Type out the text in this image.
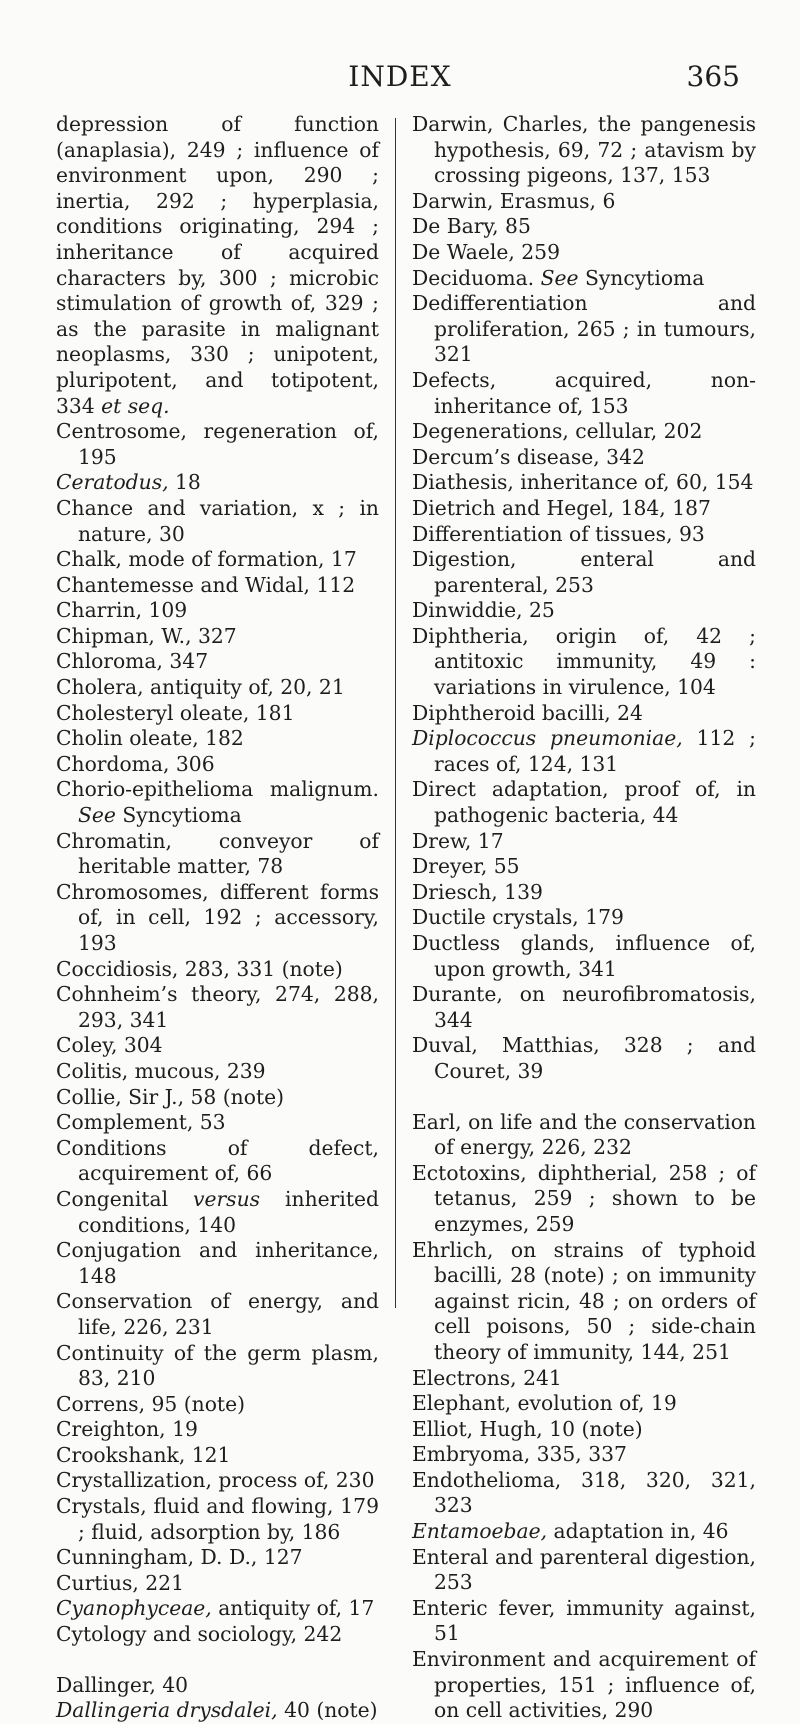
INDEX	365

depression of function (anaplasia), 249 ; influence of environment upon, 290 ; inertia, 292 ; hyperplasia, conditions originating, 294 ; inheritance of acquired characters by, 300 ; microbic stimulation of growth of, 329 ; as the parasite in malignant neoplasms, 330 ; unipotent, pluripotent, and totipotent, 334 et seq.

Centrosome, regeneration of, 195

Ceratodus, 18

Chance and variation, x ; in nature, 30

Chalk, mode of formation, 17

Chantemesse and Widal, 112

Charrin, 109

Chipman, W., 327

Chloroma, 347

Cholera, antiquity of, 20, 21

Cholesteryl oleate, 181

Cholin oleate, 182

Chordoma, 306

Chorio-epithelioma malignum. See Syncytioma

Chromatin, conveyor of heritable matter, 78

Chromosomes, different forms of, in cell, 192 ; accessory, 193

Coccidiosis, 283, 331 (note)

Cohnheim’s theory, 274, 288, 293, 341

Coley, 304

Colitis, mucous, 239

Collie, Sir J., 58 (note)

Complement, 53

Conditions of defect, acquirement of, 66

Congenital versus inherited conditions, 140

Conjugation and inheritance, 148

Conservation of energy, and life, 226, 231

Continuity of the germ plasm, 83, 210

Correns, 95 (note)

Creighton, 19

Crookshank, 121

Crystallization, process of, 230

Crystals, fluid and flowing, 179 ; fluid, adsorption by, 186

Cunningham, D. D., 127

Curtius, 221

Cyanophyceae, antiquity of, 17

Cytology and sociology, 242

Dallinger, 40

Dallingeria drysdalei, 40 (note)

Darwin, Charles, the pangenesis hypothesis, 69, 72 ; atavism by crossing pigeons, 137, 153

Darwin, Erasmus, 6

De Bary, 85

De Waele, 259

Deciduoma. See Syncytioma

Dedifferentiation and proliferation, 265 ; in tumours, 321

Defects, acquired, non-inheritance of, 153

Degenerations, cellular, 202

Dercum’s disease, 342

Diathesis, inheritance of, 60, 154

Dietrich and Hegel, 184, 187

Differentiation of tissues, 93

Digestion, enteral and parenteral, 253

Dinwiddie, 25

Diphtheria, origin of, 42 ; antitoxic immunity, 49 : variations in virulence, 104

Diphtheroid bacilli, 24

Diplococcus pneumoniae, 112 ; races of, 124, 131

Direct adaptation, proof of, in pathogenic bacteria, 44

Drew, 17

Dreyer, 55

Driesch, 139

Ductile crystals, 179

Ductless glands, influence of, upon growth, 341

Durante, on neurofibromatosis, 344

Duval, Matthias, 328 ; and Couret, 39

Earl, on life and the conservation of energy, 226, 232

Ectotoxins, diphtherial, 258 ; of tetanus, 259 ; shown to be enzymes, 259

Ehrlich, on strains of typhoid bacilli, 28 (note) ; on immunity against ricin, 48 ; on orders of cell poisons, 50 ; side-chain theory of immunity, 144, 251

Electrons, 241

Elephant, evolution of, 19

Elliot, Hugh, 10 (note)

Embryoma, 335, 337

Endothelioma, 318, 320, 321, 323

Entamoebae, adaptation in, 46

Enteral and parenteral digestion, 253

Enteric fever, immunity against, 51

Environment and acquirement of properties, 151 ; influence of, on cell activities, 290
